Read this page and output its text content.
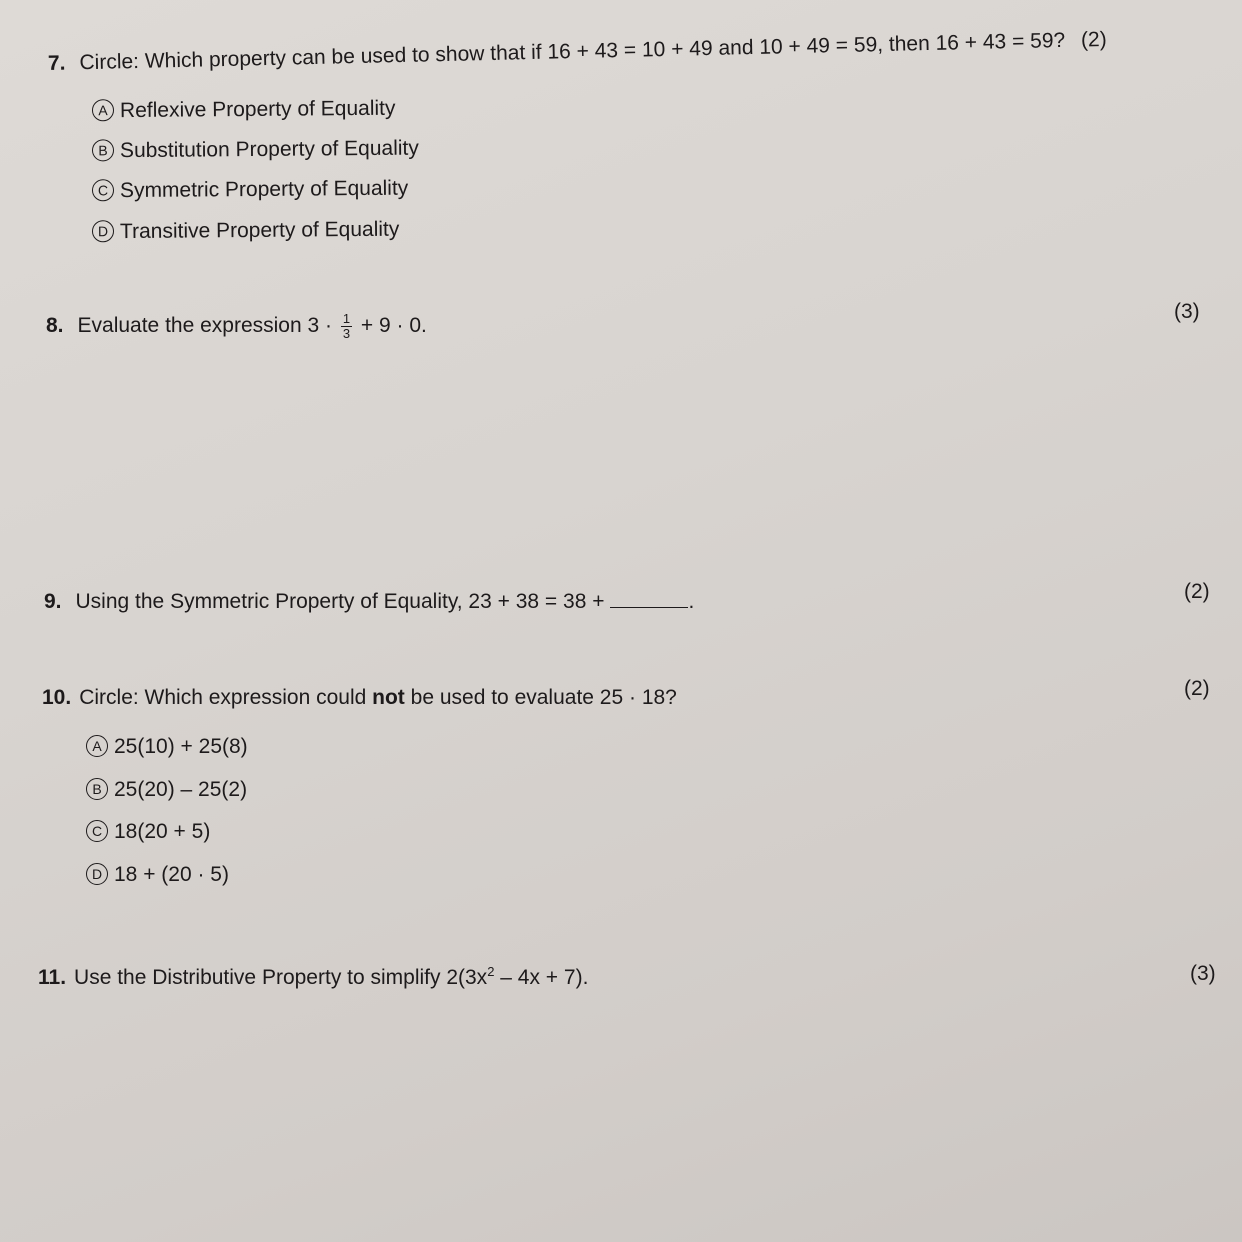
7. Circle: Which property can be used to show that if 16 + 43 = 10 + 49 and 10 + 49 = 59, then 16 + 43 = 59? (2)
A Reflexive Property of Equality
B Substitution Property of Equality
C Symmetric Property of Equality
D Transitive Property of Equality
8. Evaluate the expression $3 \cdot \frac{1}{3} + 9 \cdot 0$.
(3)
9. Using the Symmetric Property of Equality, 23 + 38 = 38 +	.	(2)
10. Circle: Which expression could not be used to evaluate 25 · 18?	(2)
A 25(10) + 25(8)
B 25(20) – 25(2)
C 18(20 + 5)
D 18 + (20 · 5)
11. Use the Distributive Property to simplify $2(3x^2 - 4x + 7)$.	(3)
